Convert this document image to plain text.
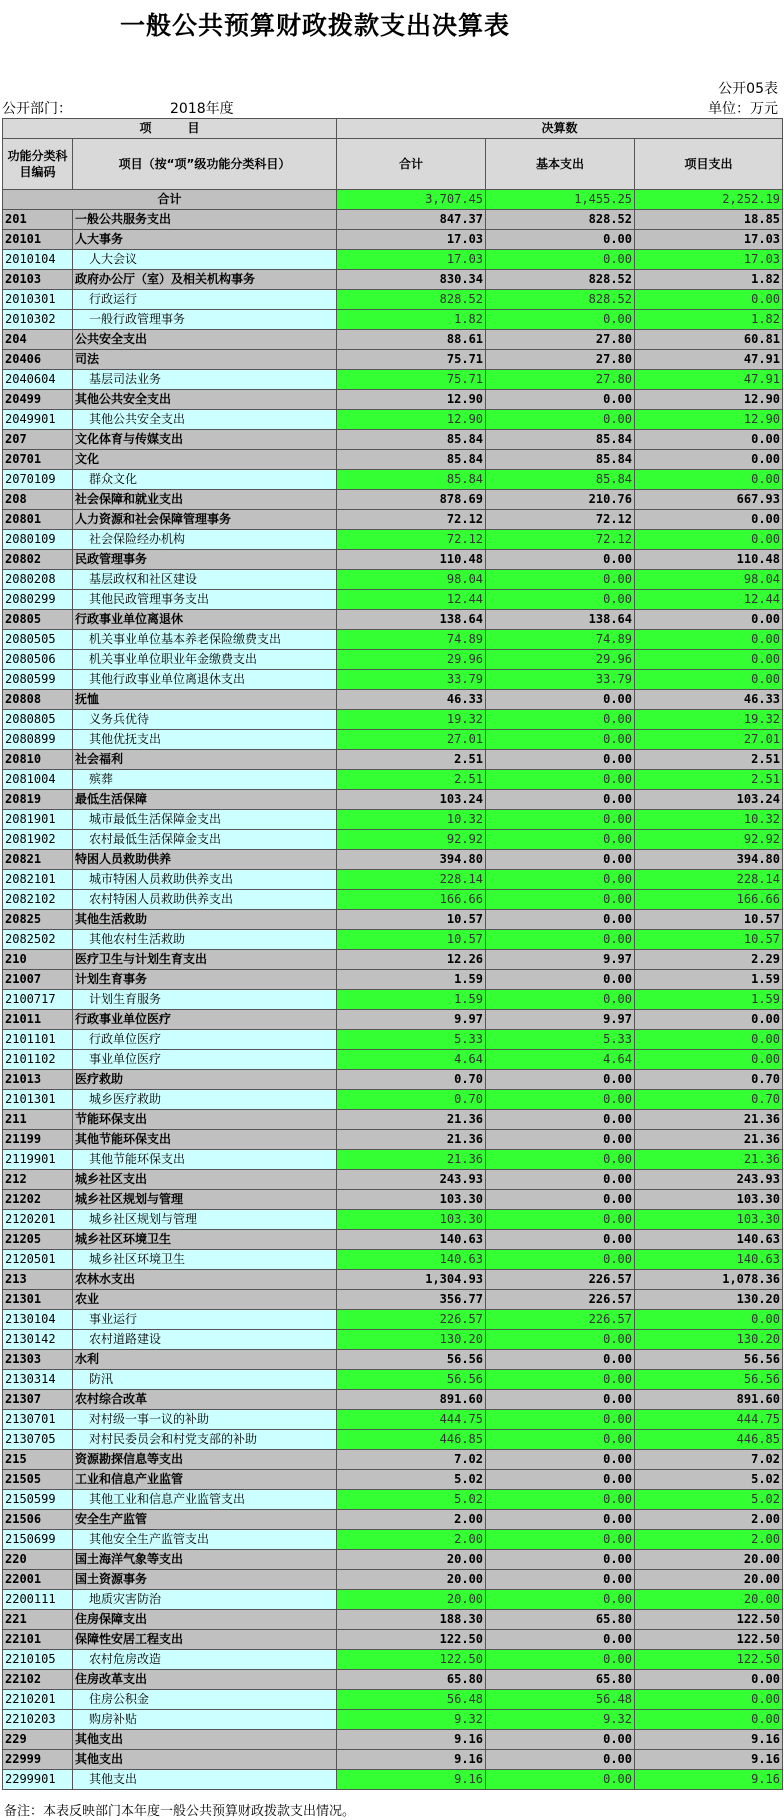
一般公共预算财政拨款支出决算表
公开05表
公开部门：	2018年度	单位：万元
项　　　目		决算数		
功能分类科目编码	项目（按“项”级功能分类科目）	合计	基本支出	项目支出
合计		3,707.45	1,455.25	2,252.19
201	一般公共服务支出	847.37	828.52	18.85
20101	人大事务	17.03	0.00	17.03
2010104	人大会议	17.03	0.00	17.03
20103	政府办公厅（室）及相关机构事务	830.34	828.52	1.82
2010301	行政运行	828.52	828.52	0.00
2010302	一般行政管理事务	1.82	0.00	1.82
204	公共安全支出	88.61	27.80	60.81
20406	司法	75.71	27.80	47.91
2040604	基层司法业务	75.71	27.80	47.91
20499	其他公共安全支出	12.90	0.00	12.90
2049901	其他公共安全支出	12.90	0.00	12.90
207	文化体育与传媒支出	85.84	85.84	0.00
20701	文化	85.84	85.84	0.00
2070109	群众文化	85.84	85.84	0.00
208	社会保障和就业支出	878.69	210.76	667.93
20801	人力资源和社会保障管理事务	72.12	72.12	0.00
2080109	社会保险经办机构	72.12	72.12	0.00
20802	民政管理事务	110.48	0.00	110.48
2080208	基层政权和社区建设	98.04	0.00	98.04
2080299	其他民政管理事务支出	12.44	0.00	12.44
20805	行政事业单位离退休	138.64	138.64	0.00
2080505	机关事业单位基本养老保险缴费支出	74.89	74.89	0.00
2080506	机关事业单位职业年金缴费支出	29.96	29.96	0.00
2080599	其他行政事业单位离退休支出	33.79	33.79	0.00
20808	抚恤	46.33	0.00	46.33
2080805	义务兵优待	19.32	0.00	19.32
2080899	其他优抚支出	27.01	0.00	27.01
20810	社会福利	2.51	0.00	2.51
2081004	殡葬	2.51	0.00	2.51
20819	最低生活保障	103.24	0.00	103.24
2081901	城市最低生活保障金支出	10.32	0.00	10.32
2081902	农村最低生活保障金支出	92.92	0.00	92.92
20821	特困人员救助供养	394.80	0.00	394.80
2082101	城市特困人员救助供养支出	228.14	0.00	228.14
2082102	农村特困人员救助供养支出	166.66	0.00	166.66
20825	其他生活救助	10.57	0.00	10.57
2082502	其他农村生活救助	10.57	0.00	10.57
210	医疗卫生与计划生育支出	12.26	9.97	2.29
21007	计划生育事务	1.59	0.00	1.59
2100717	计划生育服务	1.59	0.00	1.59
21011	行政事业单位医疗	9.97	9.97	0.00
2101101	行政单位医疗	5.33	5.33	0.00
2101102	事业单位医疗	4.64	4.64	0.00
21013	医疗救助	0.70	0.00	0.70
2101301	城乡医疗救助	0.70	0.00	0.70
211	节能环保支出	21.36	0.00	21.36
21199	其他节能环保支出	21.36	0.00	21.36
2119901	其他节能环保支出	21.36	0.00	21.36
212	城乡社区支出	243.93	0.00	243.93
21202	城乡社区规划与管理	103.30	0.00	103.30
2120201	城乡社区规划与管理	103.30	0.00	103.30
21205	城乡社区环境卫生	140.63	0.00	140.63
2120501	城乡社区环境卫生	140.63	0.00	140.63
213	农林水支出	1,304.93	226.57	1,078.36
21301	农业	356.77	226.57	130.20
2130104	事业运行	226.57	226.57	0.00
2130142	农村道路建设	130.20	0.00	130.20
21303	水利	56.56	0.00	56.56
2130314	防汛	56.56	0.00	56.56
21307	农村综合改革	891.60	0.00	891.60
2130701	对村级一事一议的补助	444.75	0.00	444.75
2130705	对村民委员会和村党支部的补助	446.85	0.00	446.85
215	资源勘探信息等支出	7.02	0.00	7.02
21505	工业和信息产业监管	5.02	0.00	5.02
2150599	其他工业和信息产业监管支出	5.02	0.00	5.02
21506	安全生产监管	2.00	0.00	2.00
2150699	其他安全生产监管支出	2.00	0.00	2.00
220	国土海洋气象等支出	20.00	0.00	20.00
22001	国土资源事务	20.00	0.00	20.00
2200111	地质灾害防治	20.00	0.00	20.00
221	住房保障支出	188.30	65.80	122.50
22101	保障性安居工程支出	122.50	0.00	122.50
2210105	农村危房改造	122.50	0.00	122.50
22102	住房改革支出	65.80	65.80	0.00
2210201	住房公积金	56.48	56.48	0.00
2210203	购房补贴	9.32	9.32	0.00
229	其他支出	9.16	0.00	9.16
22999	其他支出	9.16	0.00	9.16
2299901	其他支出	9.16	0.00	9.16
备注：本表反映部门本年度一般公共预算财政拨款支出情况。
